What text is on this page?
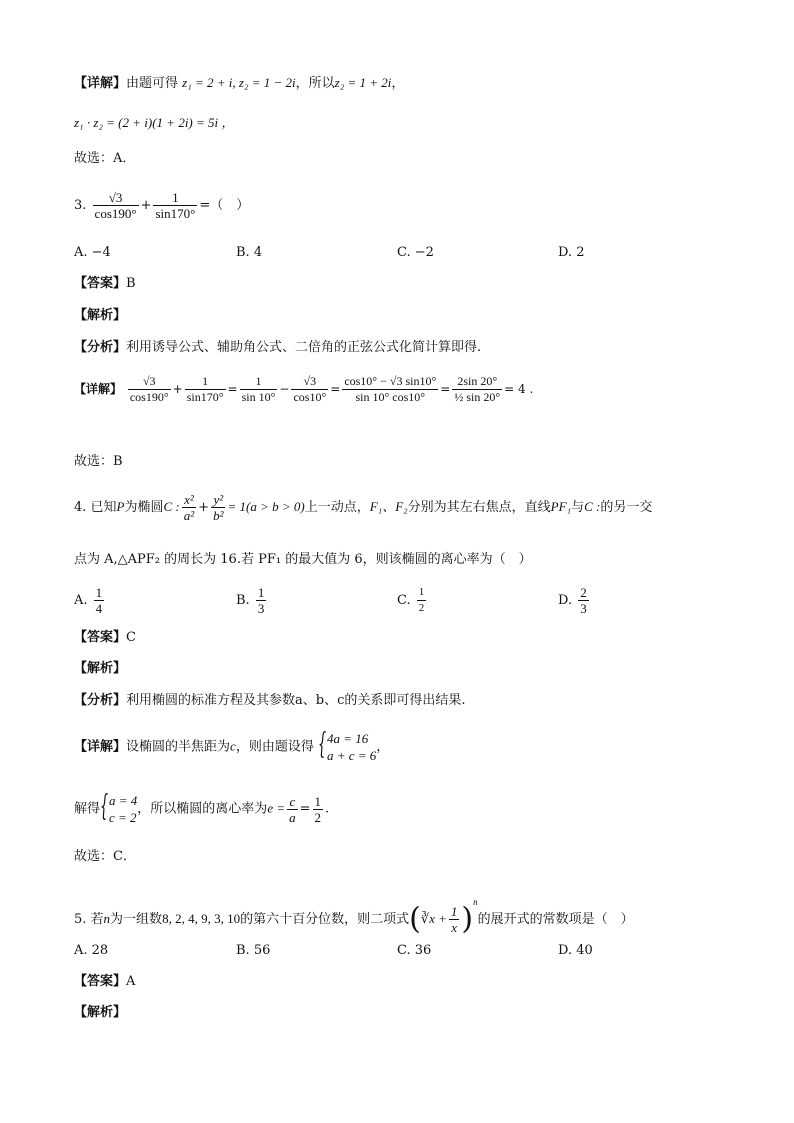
【详解】由题可得 z₁ = 2 + i, z₂ = 1 − 2i，所以z₂ = 1 + 2i，
z₁ · z₂ = (2 + i)(1 + 2i) = 5i ，
故选：A．
3. $\frac{√3}{\cos 190^\circ} + \frac{1}{\sin 170^\circ}$ =（　）
A. −4	B. 4	C. −2	D. 2
【答案】B
【解析】
【分析】利用诱导公式、辅助角公式、二倍角的正弦公式化简计算即得.
【详解】 $\frac{√3}{\cos 190^\circ} + \frac{1}{\sin 170^\circ} = \frac{1}{\sin 10^\circ} - \frac{√3}{\cos 10^\circ} = \frac{\cos 10^\circ - √3 \sin 10^\circ}{\sin 10^\circ \cos 10^\circ} = \frac{2\sin 20^\circ}{\text{½ sin 20°}} = 4$ .
故选：B
4. 已知P为椭圆C : $\frac{\text{x²}}{\text{a²}} + \frac{\text{y²}}{\text{b²}} = 1(a > b > 0)$上一动点，F₁、F₂分别为其左右焦点，直线PF₁与C :的另一交
点为 A,△APF₂ 的周长为 16.若 PF₁ 的最大值为 6，则该椭圆的离心率为（　）
A. $\frac{1}{4}$	B. $\frac{1}{3}$	C. $\frac{1}{2}$	D. $\frac{2}{3}$
【答案】C
【解析】
【分析】利用椭圆的标准方程及其参数a、b、c的关系即可得出结果.
【详解】设椭圆的半焦距为c，则由题设得
{ 4a = 16
a + c = 6
，
解得
{ a = 4
c = 2
，所以椭圆的离心率为$e = \frac{c}{a} = \frac{1}{2}$ .
故选：C．
5. 若n为一组数8, 2, 4, 9, 3, 10的第六十百分位数，则二项式(∛x + $\frac{1}{x} )^n$的展开式的常数项是（　）
A. 28	B. 56	C. 36	D. 40
【答案】A
【解析】
